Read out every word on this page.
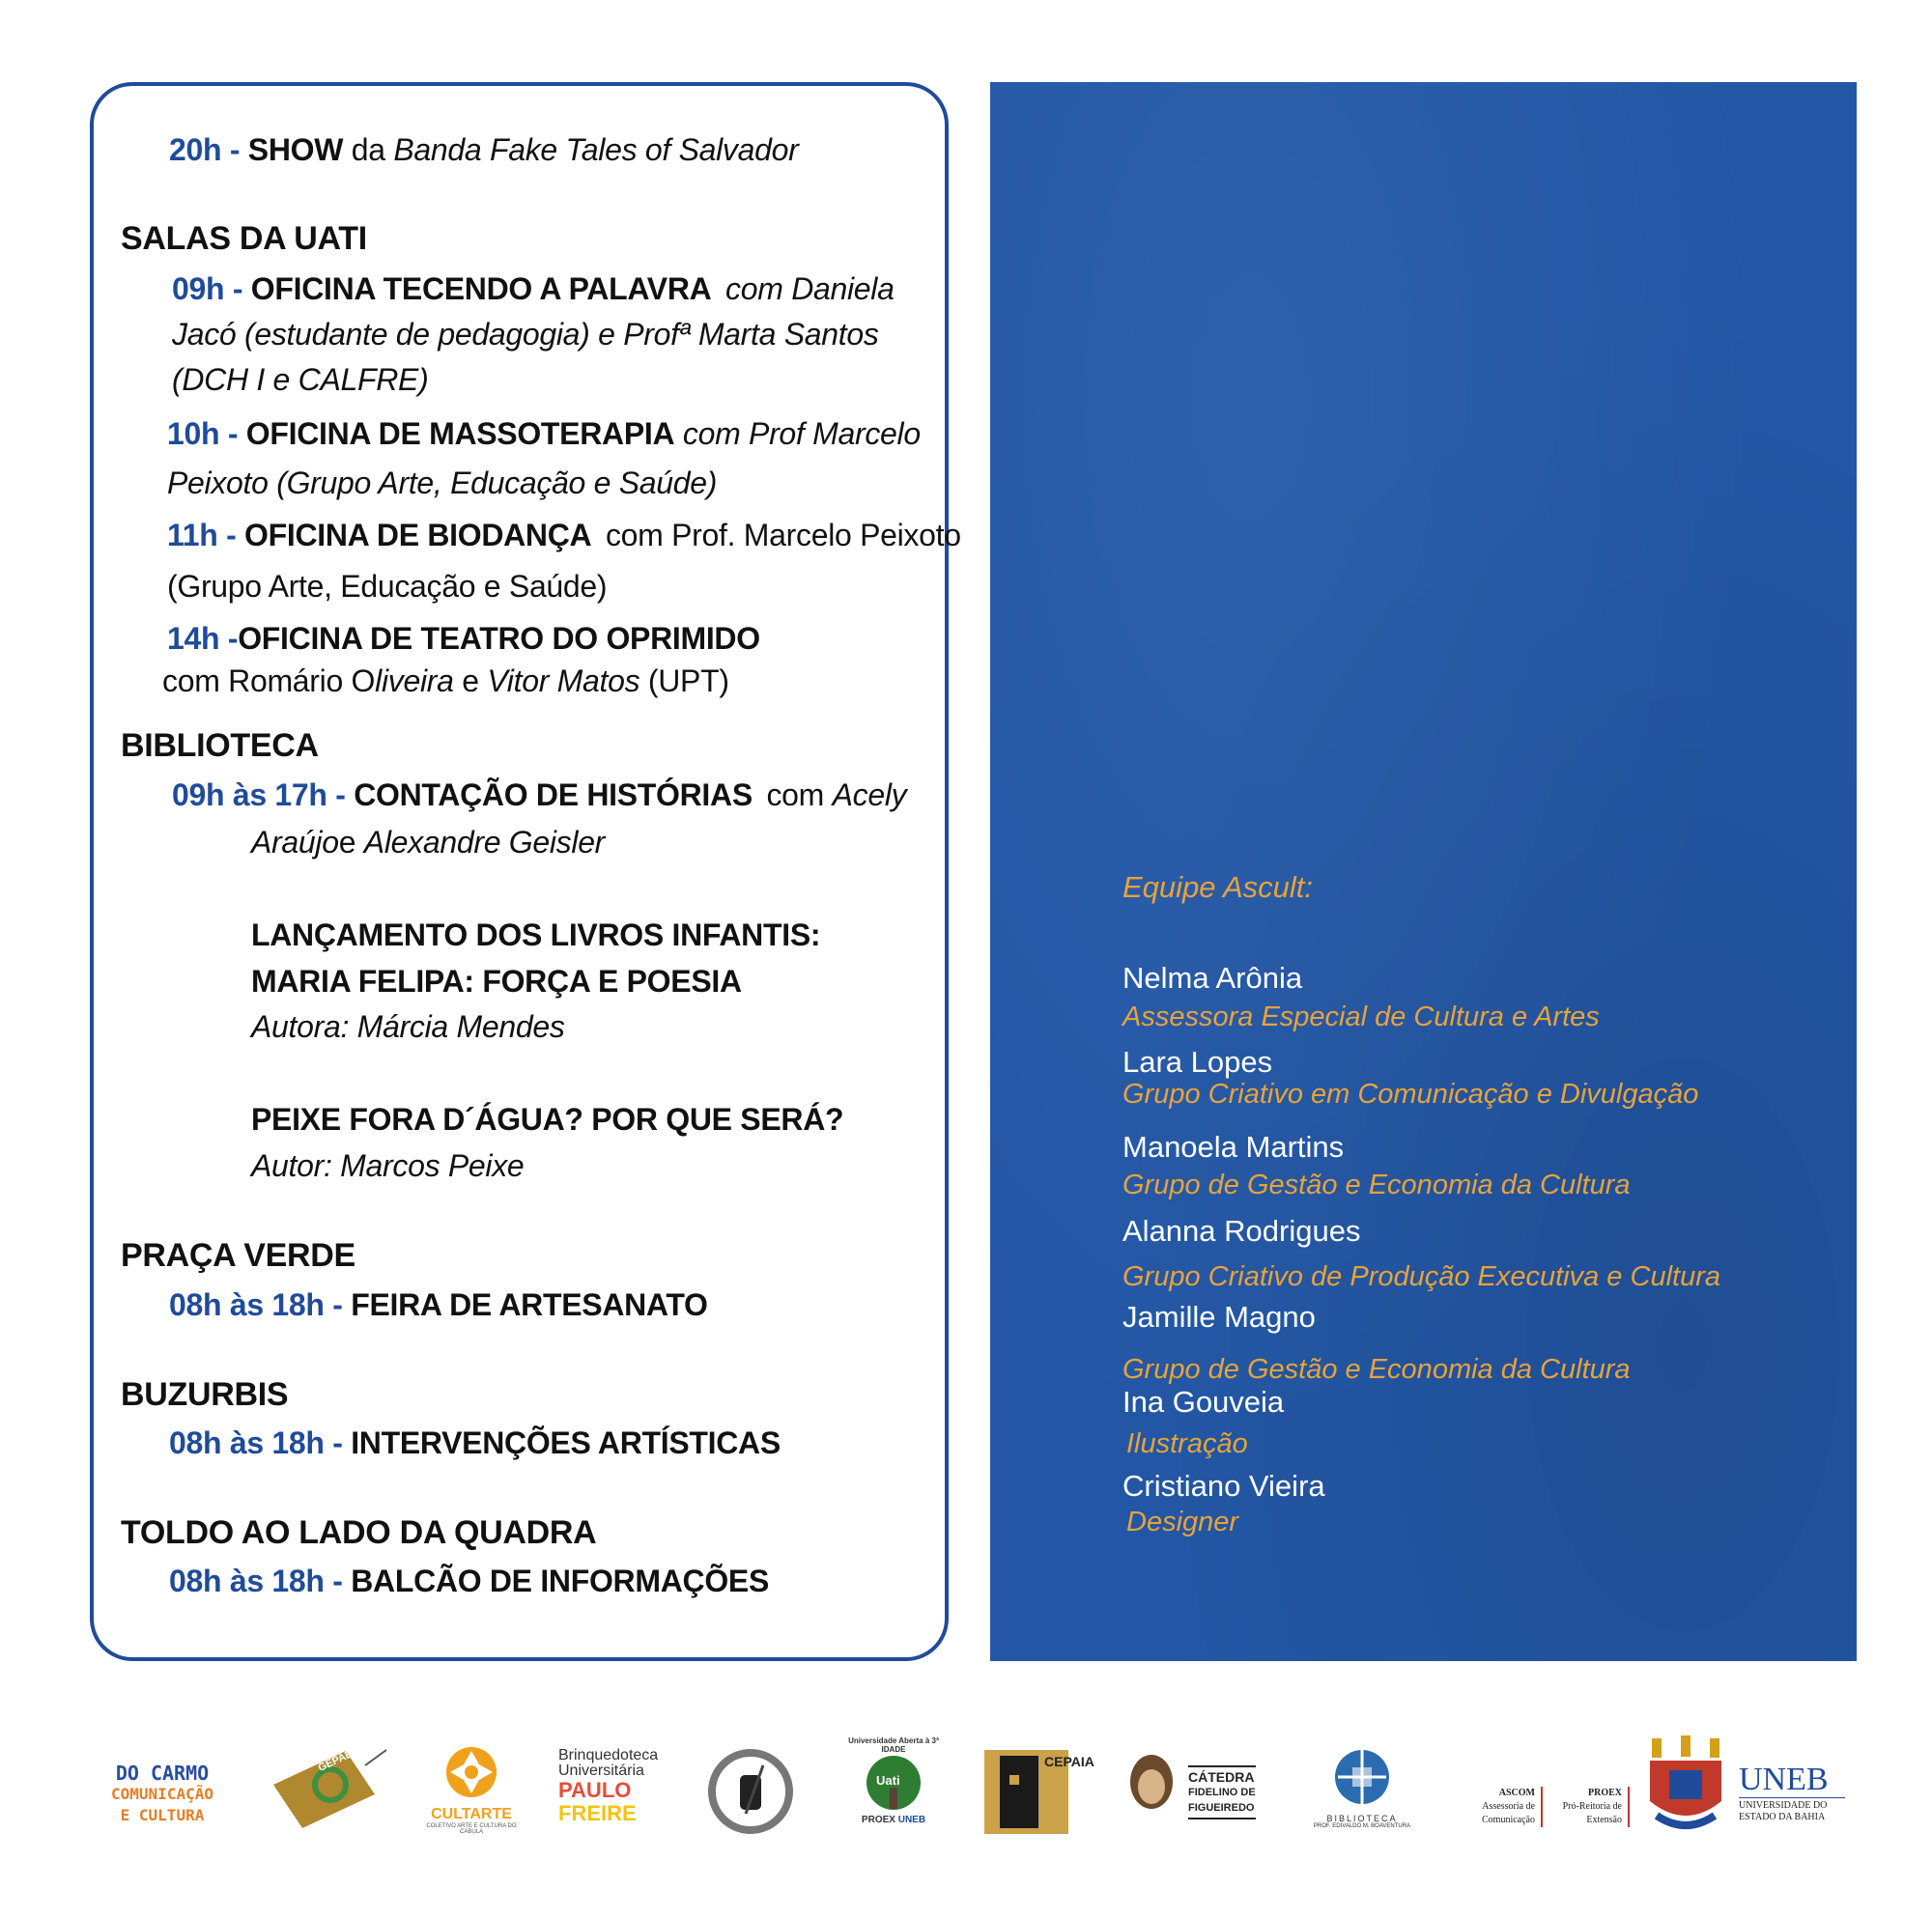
20h - SHOW da Banda Fake Tales of Salvador
SALAS DA UATI
09h - OFICINA TECENDO A PALAVRA com Daniela
Jacó (estudante de pedagogia) e Profª Marta Santos
(DCH I e CALFRE)
10h - OFICINA DE MASSOTERAPIA com Prof Marcelo
Peixoto (Grupo Arte, Educação e Saúde)
11h - OFICINA DE BIODANÇA com Prof. Marcelo Peixoto
(Grupo Arte, Educação e Saúde)
14h -OFICINA DE TEATRO DO OPRIMIDO
com Romário Oliveira e Vitor Matos (UPT)
BIBLIOTECA
09h às 17h - CONTAÇÃO DE HISTÓRIAS com Acely
Araújoe Alexandre Geisler
LANÇAMENTO DOS LIVROS INFANTIS:
MARIA FELIPA: FORÇA E POESIA
Autora: Márcia Mendes
PEIXE FORA D´ÁGUA? POR QUE SERÁ?
Autor: Marcos Peixe
PRAÇA VERDE
08h às 18h - FEIRA DE ARTESANATO
BUZURBIS
08h às 18h - INTERVENÇÕES ARTÍSTICAS
TOLDO AO LADO DA QUADRA
08h às 18h - BALCÃO DE INFORMAÇÕES
Equipe Ascult:
Nelma Arônia
Assessora Especial de Cultura e Artes
Lara Lopes
Grupo Criativo em Comunicação e Divulgação
Manoela Martins
Grupo de Gestão e Economia da Cultura
Alanna Rodrigues
Grupo Criativo de Produção Executiva e Cultura
Jamille Magno
Grupo de Gestão e Economia da Cultura
Ina Gouveia
Ilustração
Cristiano Vieira
Designer
DO CARMO
COMUNICAÇÃO
E CULTURA
GEPAES
CULTARTE
COLETIVO ARTE E CULTURA DO CABULA
Brinquedoteca
Universitária
PAULO
FREIRE
Universidade Aberta à 3ª IDADE
PROEX UNEB
Uati
CEPAIA
CÁTEDRA
FIDELINO DE
FIGUEIREDO
BIBLIOTECA
PROF. EDIVALDO M. BOAVENTURA
ASCOM
Assessoria de
Comunicação
PROEX
Pró-Reitoria de
Extensão
UNEB
UNIVERSIDADE DO
ESTADO DA BAHIA
